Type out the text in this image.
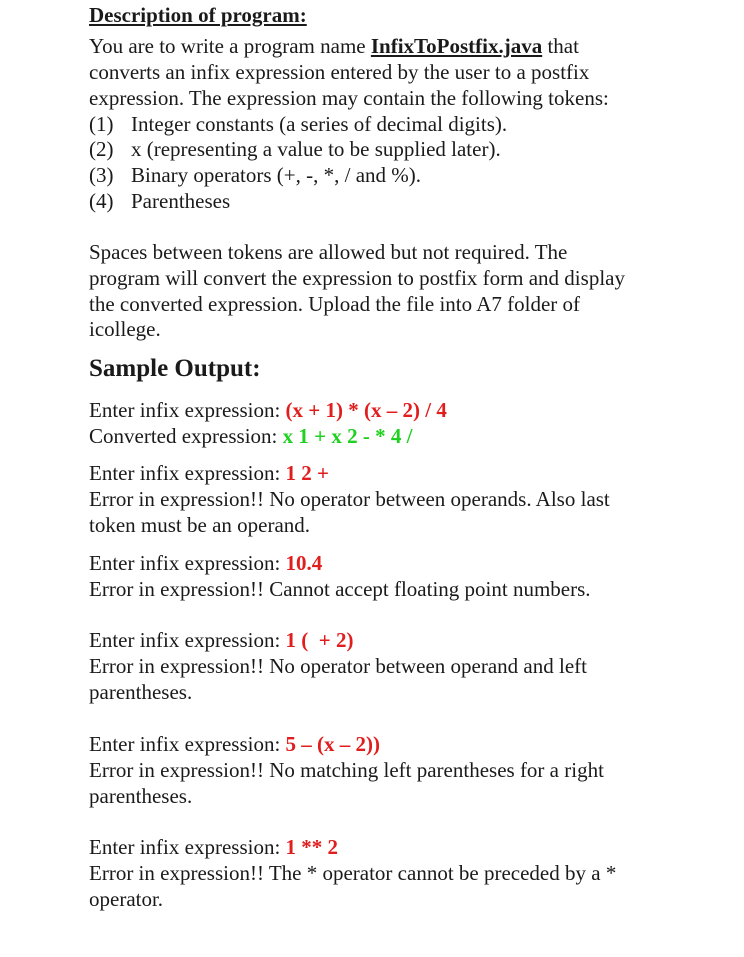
Description of program:
You are to write a program name InfixToPostfix.java that
converts an infix expression entered by the user to a postfix
expression. The expression may contain the following tokens:
(1) Integer constants (a series of decimal digits).
(2) x (representing a value to be supplied later).
(3) Binary operators (+, -, *, / and %).
(4) Parentheses
Spaces between tokens are allowed but not required. The
program will convert the expression to postfix form and display
the converted expression. Upload the file into A7 folder of
icollege.
Sample Output:
Enter infix expression: (x + 1) * (x – 2) / 4
Converted expression: x 1 + x 2 - * 4 /
Enter infix expression: 1 2 +
Error in expression!! No operator between operands. Also last
token must be an operand.
Enter infix expression: 10.4
Error in expression!! Cannot accept floating point numbers.
Enter infix expression: 1 (  + 2)
Error in expression!! No operator between operand and left
parentheses.
Enter infix expression: 5 – (x – 2))
Error in expression!! No matching left parentheses for a right
parentheses.
Enter infix expression: 1 ** 2
Error in expression!! The * operator cannot be preceded by a *
operator.
